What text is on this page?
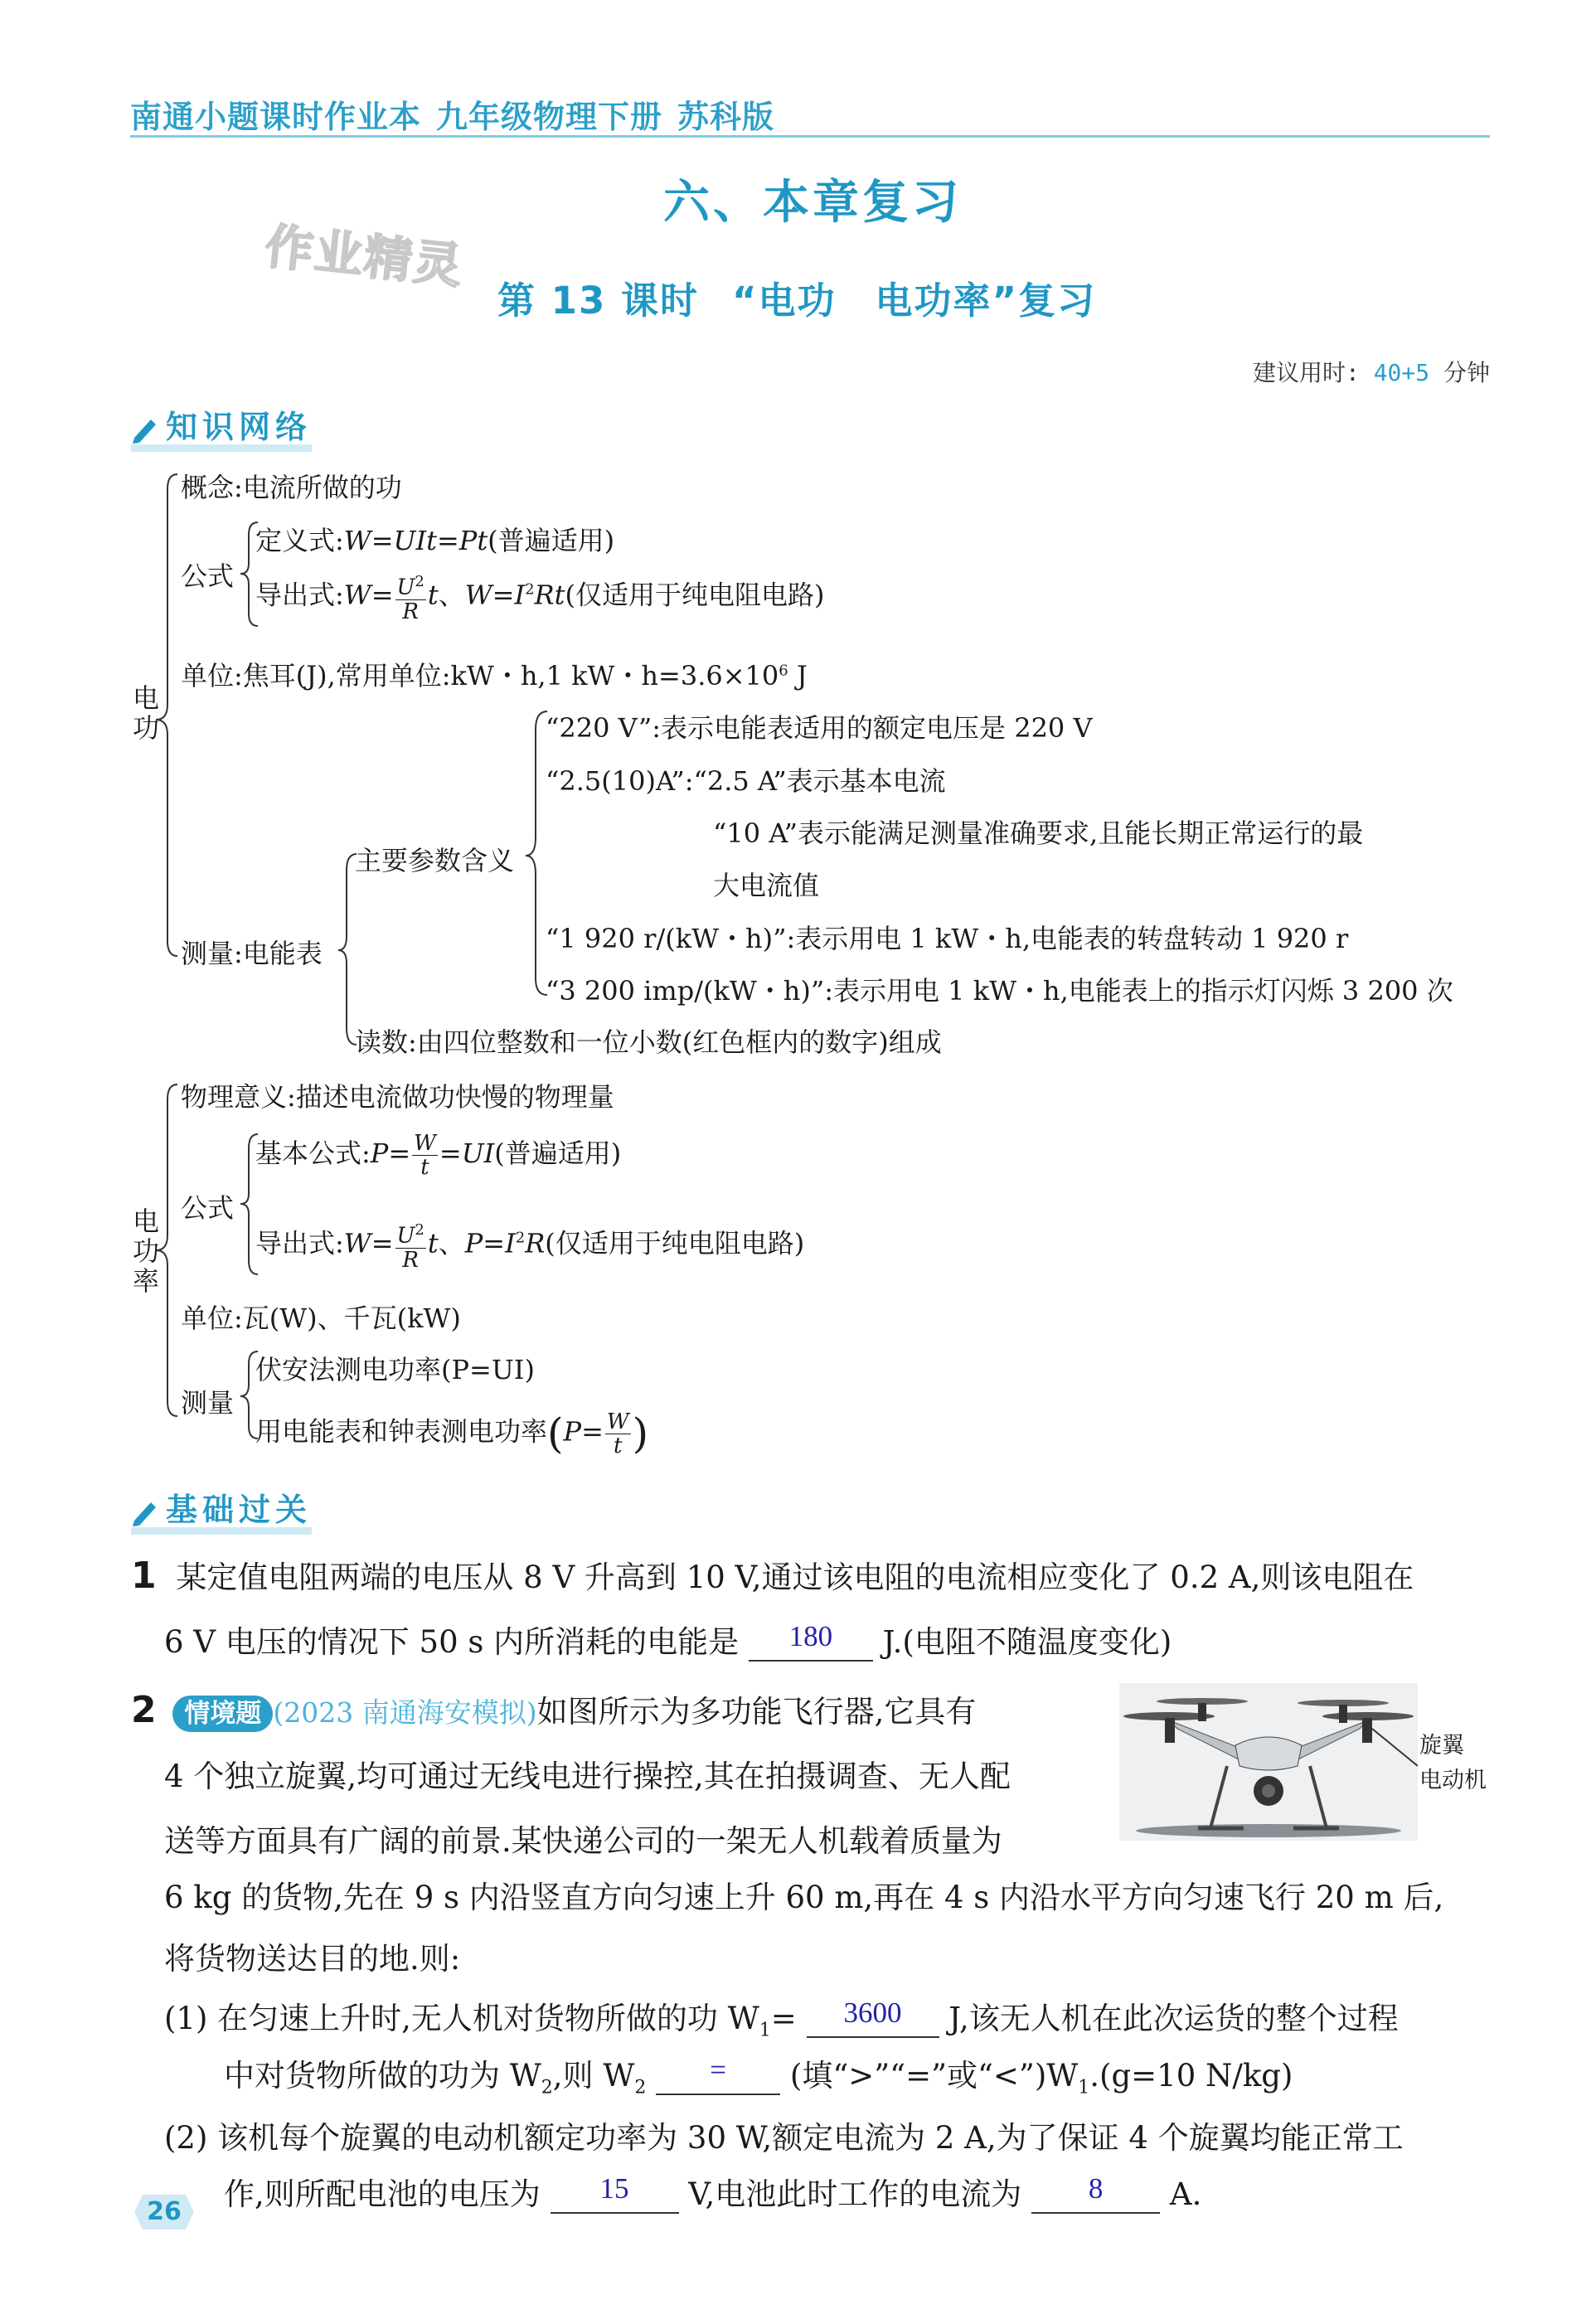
南通小题课时作业本 九年级物理下册 苏科版
六、本章复习
作业精灵
第 13 课时 “电功　电功率”复习
建议用时: 40+5 分钟
知识网络
电功
概念:电流所做的功
公式
定义式:W=UIt=Pt(普遍适用)
导出式:W= $\frac{U^2}{R}$ t、$W=I^2Rt$(仅适用于纯电阻电路)
单位:焦耳(J),常用单位:kW・h,1 kW・$h=3.6\times 10^6$ J
测量:电能表
主要参数含义
“220 V”:表示电能表适用的额定电压是 220 V
“2.5(10)A”:“2.5 A”表示基本电流
“10 A”表示能满足测量准确要求,且能长期正常运行的最
大电流值
“1 920 r/(kW・h)”:表示用电 1 kW・h,电能表的转盘转动 1 920 r
“3 200 imp/(kW・h)”:表示用电 1 kW・h,电能表上的指示灯闪烁 3 200 次
读数:由四位整数和一位小数(红色框内的数字)组成
电功率
物理意义:描述电流做功快慢的物理量
公式
基本公式:P= $\frac{W}{t} =UI$(普遍适用)
导出式:W= $\frac{U^2}{R}$ t、$P=I^2R$(仅适用于纯电阻电路)
单位:瓦(W)、千瓦(kW)
测量
伏安法测电功率(P=UI)
用电能表和钟表测电功率($P= \frac{W}{t}$ )
基础过关
1 某定值电阻两端的电压从 8 V 升高到 10 V,通过该电阻的电流相应变化了 0.2 A,则该电阻在
6 V 电压的情况下 50 s 内所消耗的电能是 180 J.(电阻不随温度变化)
2 情境题 (2023 南通海安模拟)如图所示为多功能飞行器,它具有
4 个独立旋翼,均可通过无线电进行操控,其在拍摄调查、无人配
送等方面具有广阔的前景.某快递公司的一架无人机载着质量为
旋翼
电动机
6 kg 的货物,先在 9 s 内沿竖直方向匀速上升 60 m,再在 4 s 内沿水平方向匀速飞行 20 m 后,
将货物送达目的地.则:
(1) 在匀速上升时,无人机对货物所做的功 $W_1= 3600$ J,该无人机在此次运货的整个过程
中对货物所做的功为 $W_2$,则 $W_2$ = (填“>”“=”或“$<”)W_1.(g=10$ N/kg)
(2) 该机每个旋翼的电动机额定功率为 30 W,额定电流为 2 A,为了保证 4 个旋翼均能正常工
作,则所配电池的电压为 15 V,电池此时工作的电流为 8 A.
26
